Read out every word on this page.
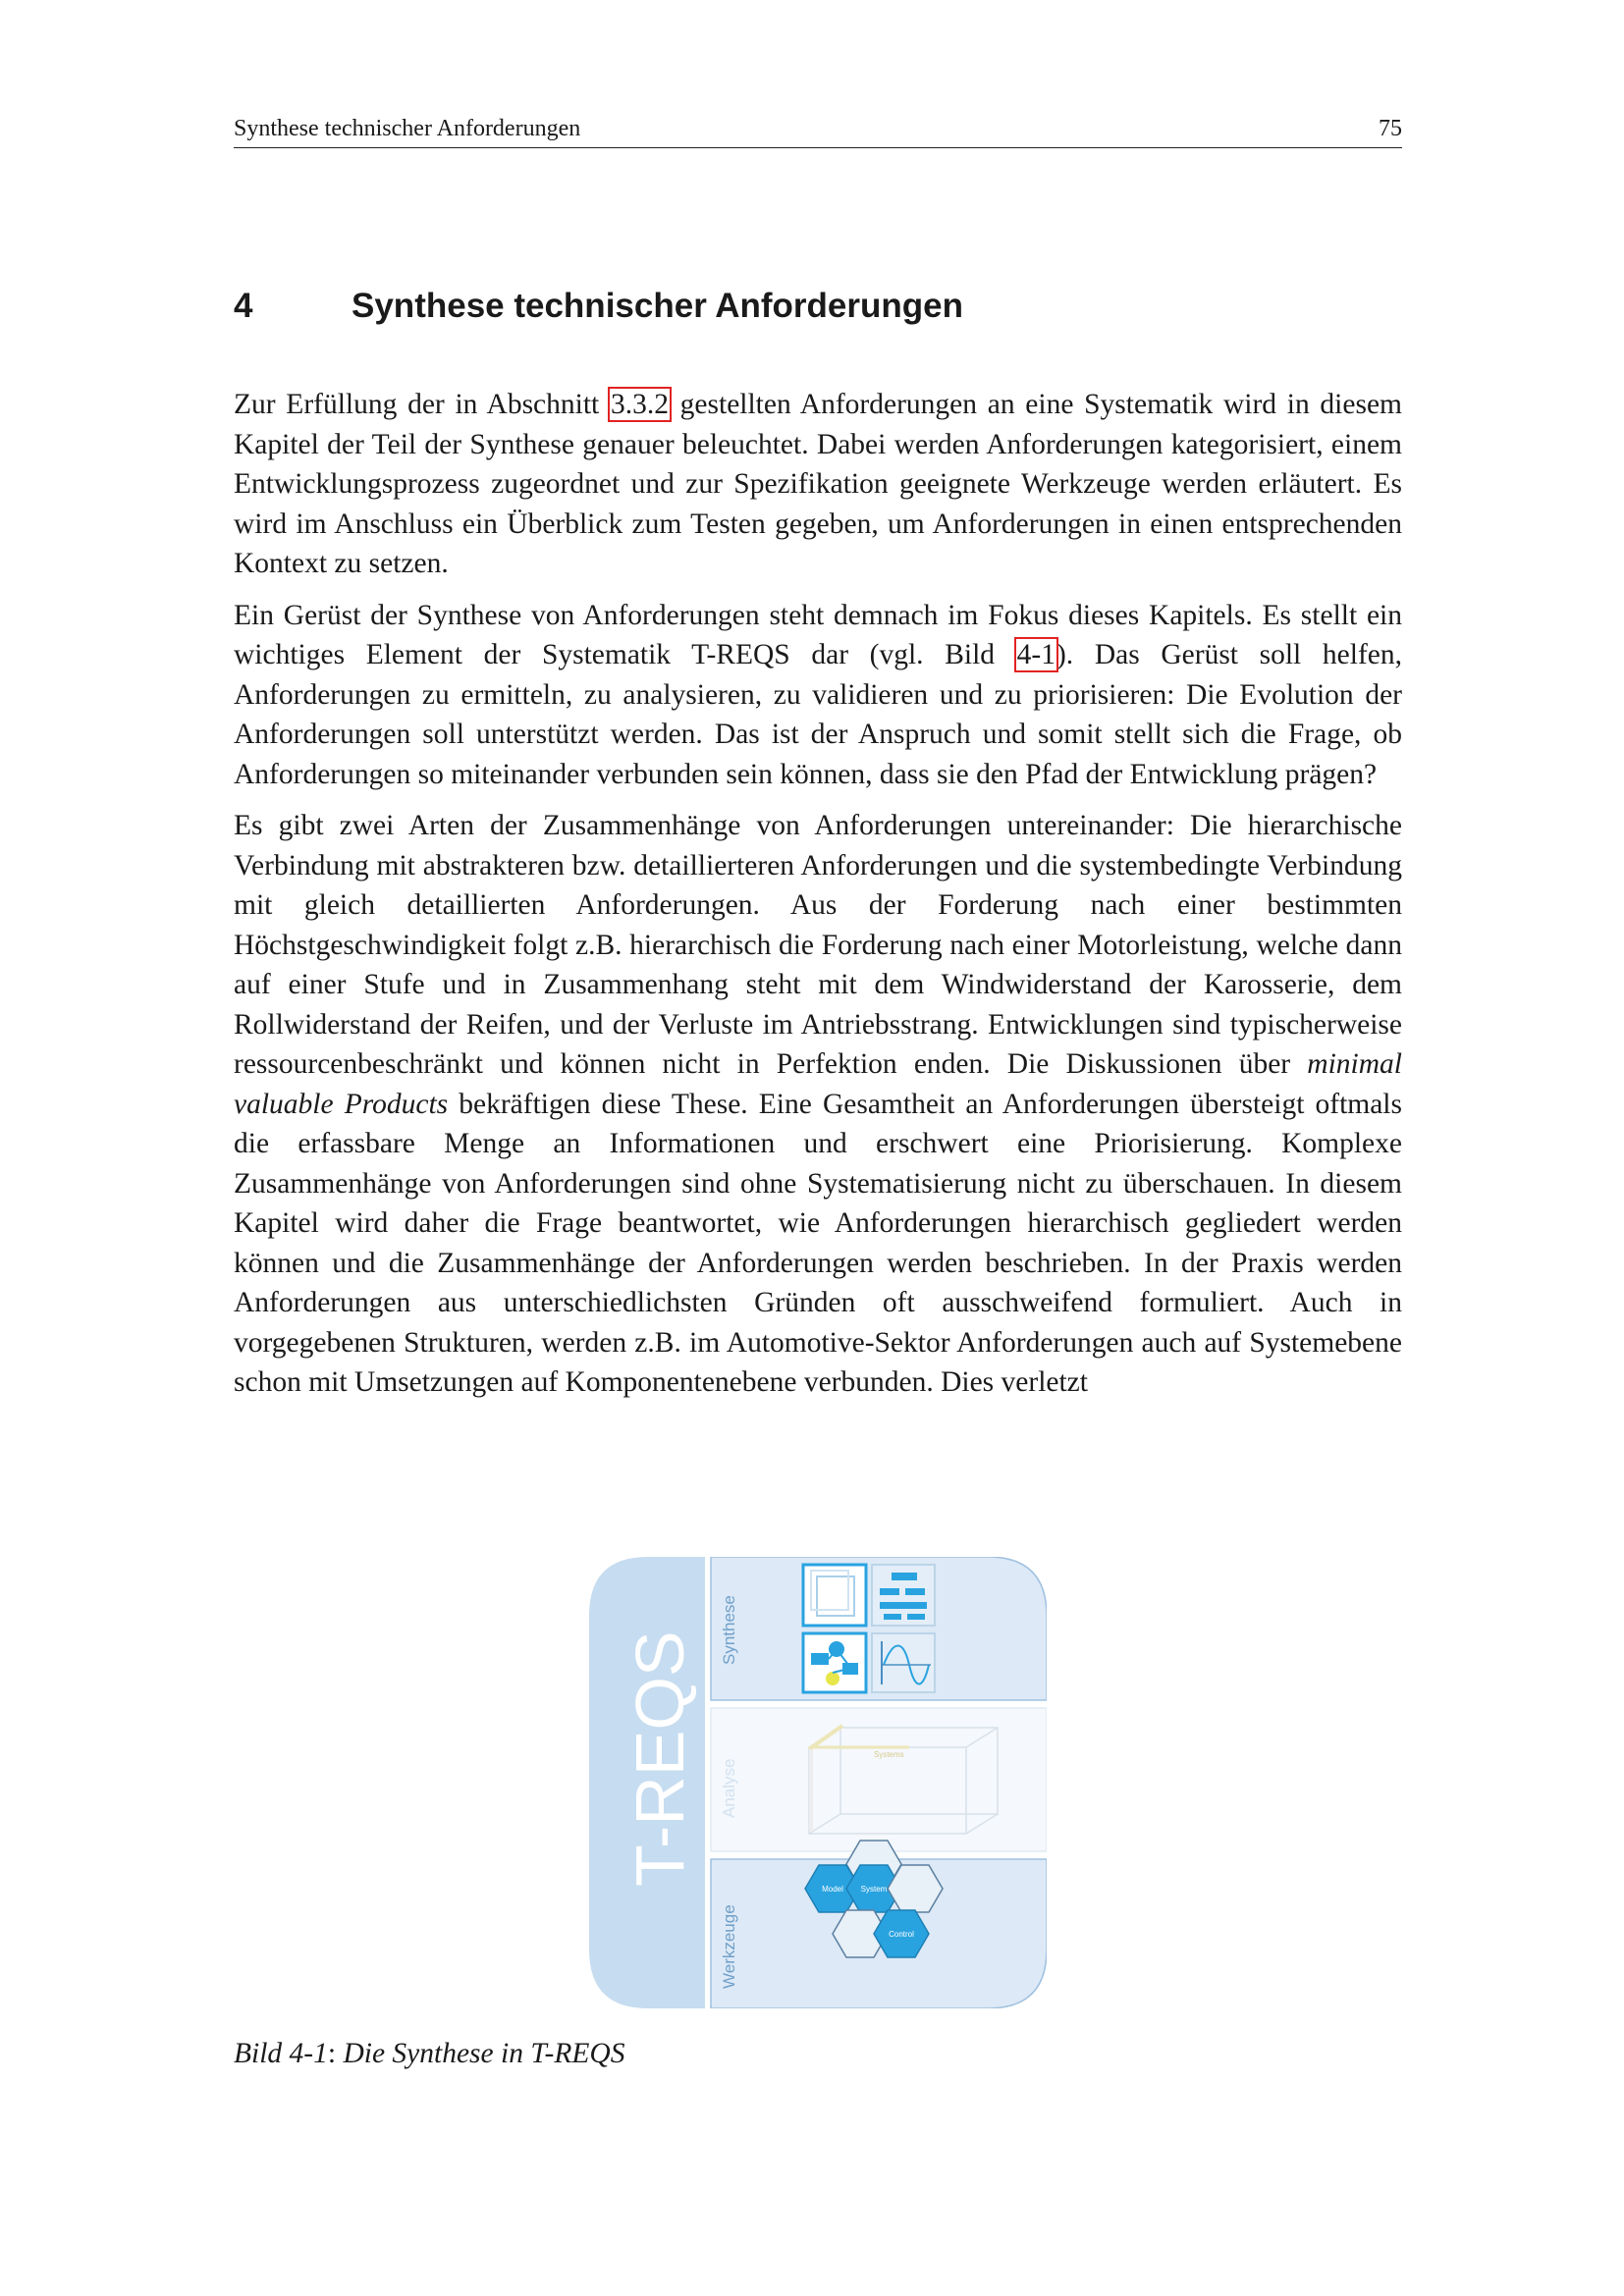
Synthese technischer Anforderungen	75
4	Synthese technischer Anforderungen

Zur Erfüllung der in Abschnitt 3.3.2 gestellten Anforderungen an eine Systematik wird in diesem Kapitel der Teil der Synthese genauer beleuchtet. Dabei werden Anforderungen kategorisiert, einem Entwicklungsprozess zugeordnet und zur Spezifikation geeignete Werkzeuge werden erläutert. Es wird im Anschluss ein Überblick zum Testen gegeben, um Anforderungen in einen entsprechenden Kontext zu setzen.

Ein Gerüst der Synthese von Anforderungen steht demnach im Fokus dieses Kapitels. Es stellt ein wichtiges Element der Systematik T-REQS dar (vgl. Bild 4-1). Das Gerüst soll helfen, Anforderungen zu ermitteln, zu analysieren, zu validieren und zu priorisieren: Die Evolution der Anforderungen soll unterstützt werden. Das ist der Anspruch und somit stellt sich die Frage, ob Anforderungen so miteinander verbunden sein können, dass sie den Pfad der Entwicklung prägen?

Es gibt zwei Arten der Zusammenhänge von Anforderungen untereinander: Die hierarchische Verbindung mit abstrakteren bzw. detaillierteren Anforderungen und die systembedingte Verbindung mit gleich detaillierten Anforderungen. Aus der Forderung nach einer bestimmten Höchstgeschwindigkeit folgt z.B. hierarchisch die Forderung nach einer Motorleistung, welche dann auf einer Stufe und in Zusammenhang steht mit dem Windwiderstand der Karosserie, dem Rollwiderstand der Reifen, und der Verluste im Antriebsstrang. Entwicklungen sind typischerweise ressourcenbeschränkt und können nicht in Perfektion enden. Die Diskussionen über minimal valuable Products bekräftigen diese These. Eine Gesamtheit an Anforderungen übersteigt oftmals die erfassbare Menge an Informationen und erschwert eine Priorisierung. Komplexe Zusammenhänge von Anforderungen sind ohne Systematisierung nicht zu überschauen. In diesem Kapitel wird daher die Frage beantwortet, wie Anforderungen hierarchisch gegliedert werden können und die Zusammenhänge der Anforderungen werden beschrieben. In der Praxis werden Anforderungen aus unterschiedlichsten Gründen oft ausschweifend formuliert. Auch in vorgegebenen Strukturen, werden z.B. im Automotive-Sektor Anforderungen auch auf Systemebene schon mit Umsetzungen auf Komponentenebene verbunden. Dies verletzt

T-REQS
Synthese
Analyse
Systems
Werkzeuge
Model System
Control
Bild 4-1: Die Synthese in T-REQS
